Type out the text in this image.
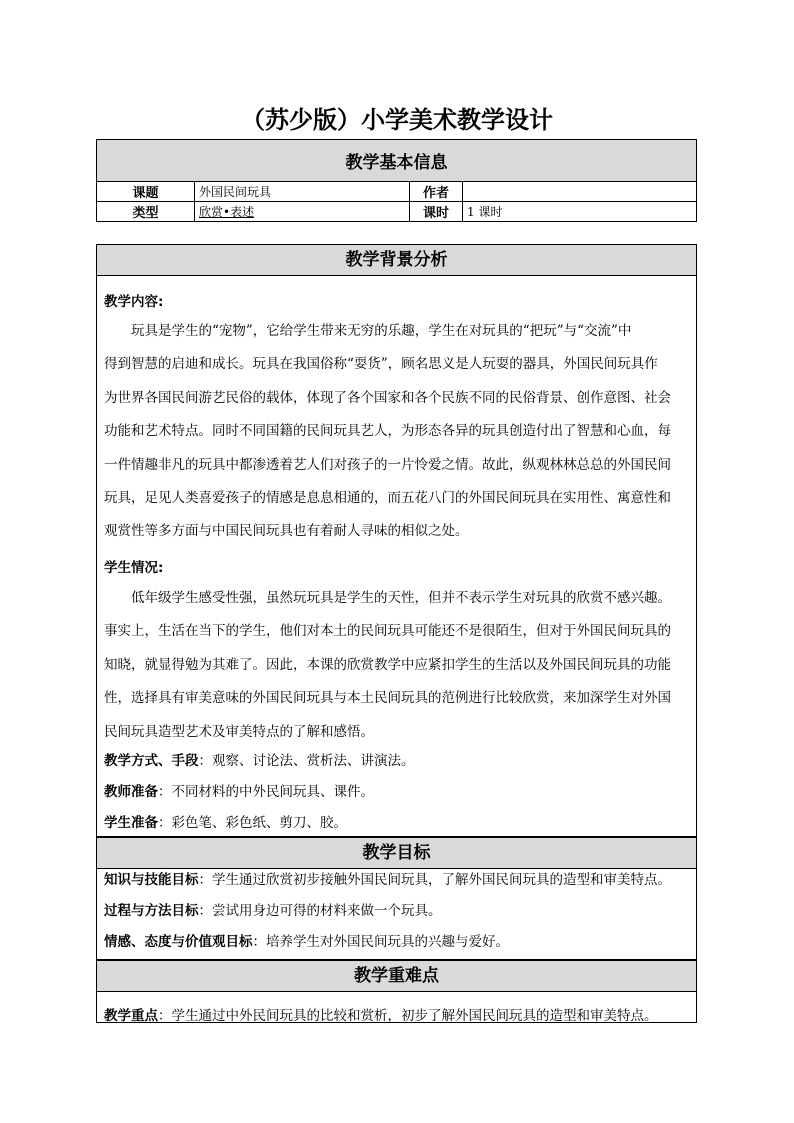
（苏少版）小学美术教学设计
教学基本信息			
课题	外国民间玩具	作者	
类型	欣赏•表述	课时	1 课时
教学背景分析
教学内容:
玩具是学生的“宠物”，它给学生带来无穷的乐趣，学生在对玩具的“把玩”与“交流”中
得到智慧的启迪和成长。玩具在我国俗称“耍货”，顾名思义是人玩耍的器具，外国民间玩具作
为世界各国民间游艺民俗的载体，体现了各个国家和各个民族不同的民俗背景、创作意图、社会
功能和艺术特点。同时不同国籍的民间玩具艺人，为形态各异的玩具创造付出了智慧和心血，每
一件情趣非凡的玩具中都渗透着艺人们对孩子的一片怜爱之情。故此，纵观林林总总的外国民间
玩具，足见人类喜爱孩子的情感是息息相通的，而五花八门的外国民间玩具在实用性、寓意性和
观赏性等多方面与中国民间玩具也有着耐人寻味的相似之处。
学生情况:
低年级学生感受性强，虽然玩玩具是学生的天性，但并不表示学生对玩具的欣赏不感兴趣。
事实上，生活在当下的学生，他们对本土的民间玩具可能还不是很陌生，但对于外国民间玩具的
知晓，就显得勉为其难了。因此，本课的欣赏教学中应紧扣学生的生活以及外国民间玩具的功能
性，选择具有审美意味的外国民间玩具与本土民间玩具的范例进行比较欣赏，来加深学生对外国
民间玩具造型艺术及审美特点的了解和感悟。
教学方式、手段：观察、讨论法、赏析法、讲演法。
教师准备：不同材料的中外民间玩具、课件。
学生准备：彩色笔、彩色纸、剪刀、胶。
教学目标
知识与技能目标：学生通过欣赏初步接触外国民间玩具，了解外国民间玩具的造型和审美特点。
过程与方法目标：尝试用身边可得的材料来做一个玩具。
情感、态度与价值观目标：培养学生对外国民间玩具的兴趣与爱好。
教学重难点
教学重点：学生通过中外民间玩具的比较和赏析，初步了解外国民间玩具的造型和审美特点。
